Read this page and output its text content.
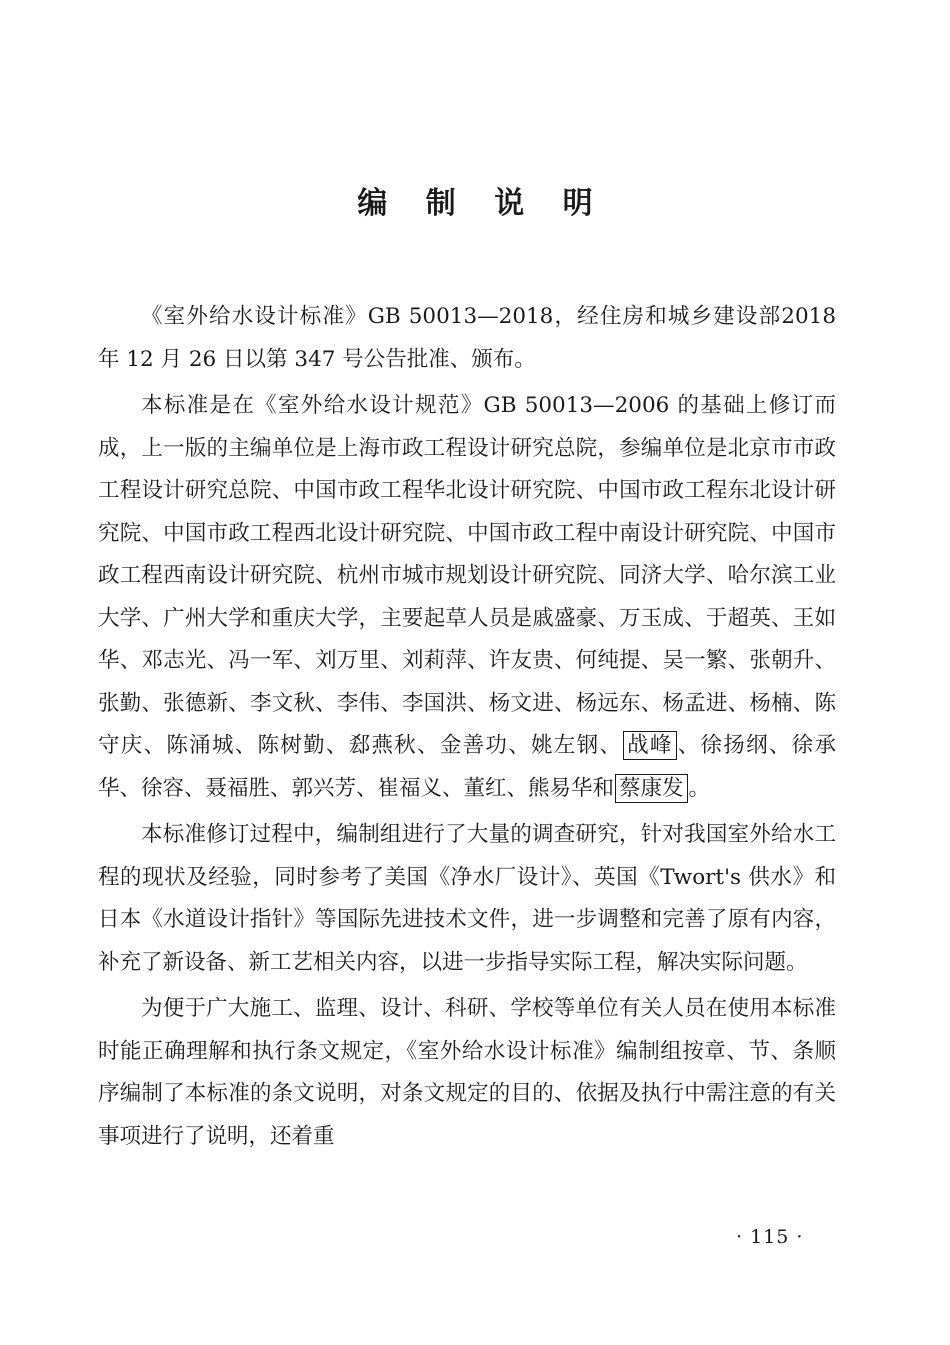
编 制 说 明

《室外给水设计标准》GB 50013—2018，经住房和城乡建设部2018 年 12 月 26 日以第 347 号公告批准、颁布。

本标准是在《室外给水设计规范》GB 50013—2006 的基础上修订而成，上一版的主编单位是上海市政工程设计研究总院，参编单位是北京市市政工程设计研究总院、中国市政工程华北设计研究院、中国市政工程东北设计研究院、中国市政工程西北设计研究院、中国市政工程中南设计研究院、中国市政工程西南设计研究院、杭州市城市规划设计研究院、同济大学、哈尔滨工业大学、广州大学和重庆大学，主要起草人员是戚盛豪、万玉成、于超英、王如华、邓志光、冯一军、刘万里、刘莉萍、许友贵、何纯提、吴一繁、张朝升、张勤、张德新、李文秋、李伟、李国洪、杨文进、杨远东、杨孟进、杨楠、陈守庆、陈涌城、陈树勤、郄燕秋、金善功、姚左钢、 战峰 、徐扬纲、徐承华、徐容、聂福胜、郭兴芳、崔福义、董红、熊易华和 蔡康发 。

本标准修订过程中，编制组进行了大量的调查研究，针对我国室外给水工程的现状及经验，同时参考了美国《净水厂设计》、英国《Twort's 供水》和日本《水道设计指针》等国际先进技术文件，进一步调整和完善了原有内容，补充了新设备、新工艺相关内容，以进一步指导实际工程，解决实际问题。

为便于广大施工、监理、设计、科研、学校等单位有关人员在使用本标准时能正确理解和执行条文规定，《室外给水设计标准》编制组按章、节、条顺序编制了本标准的条文说明，对条文规定的目的、依据及执行中需注意的有关事项进行了说明，还着重

· 115 ·
